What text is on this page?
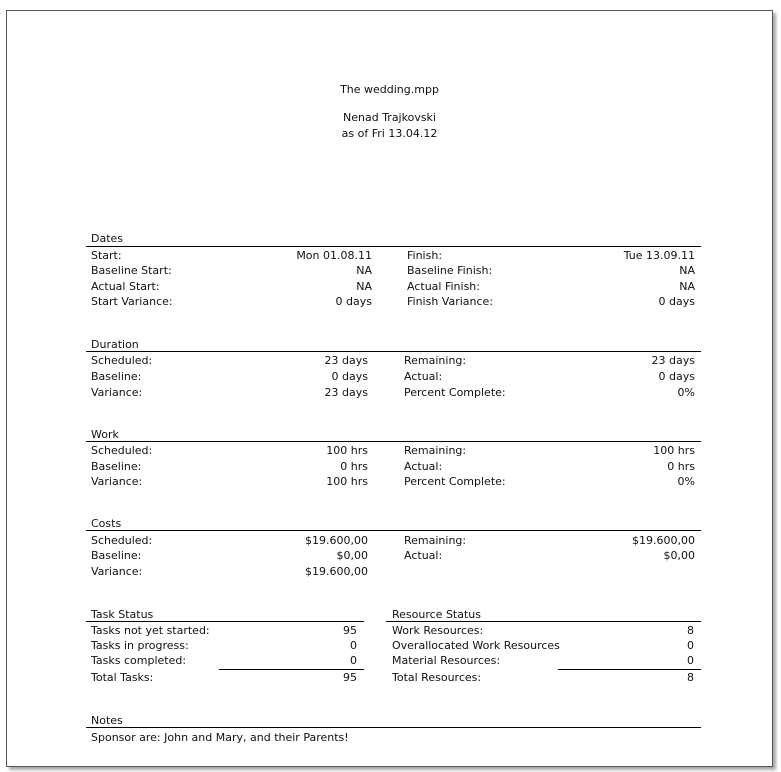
The wedding.mpp
Nenad Trajkovski
as of Fri 13.04.12
Dates
Start:	Mon 01.08.11	Finish:	Tue 13.09.11
Baseline Start:	NA	Baseline Finish:	NA
Actual Start:	NA	Actual Finish:	NA
Start Variance:	0 days	Finish Variance:	0 days
Duration
Scheduled:	23 days	Remaining:	23 days
Baseline:	0 days	Actual:	0 days
Variance:	23 days	Percent Complete:	0%
Work
Scheduled:	100 hrs	Remaining:	100 hrs
Baseline:	0 hrs	Actual:	0 hrs
Variance:	100 hrs	Percent Complete:	0%
Costs
Scheduled:	$19.600,00	Remaining:	$19.600,00
Baseline:	$0,00	Actual:	$0,00
Variance:	$19.600,00
Task Status
Tasks not yet started:	95
Tasks in progress:	0
Tasks completed:	0
Total Tasks:	95
Resource Status
Work Resources:	8
Overallocated Work Resources	0
Material Resources:	0
Total Resources:	8
Notes
Sponsor are: John and Mary, and their Parents!
